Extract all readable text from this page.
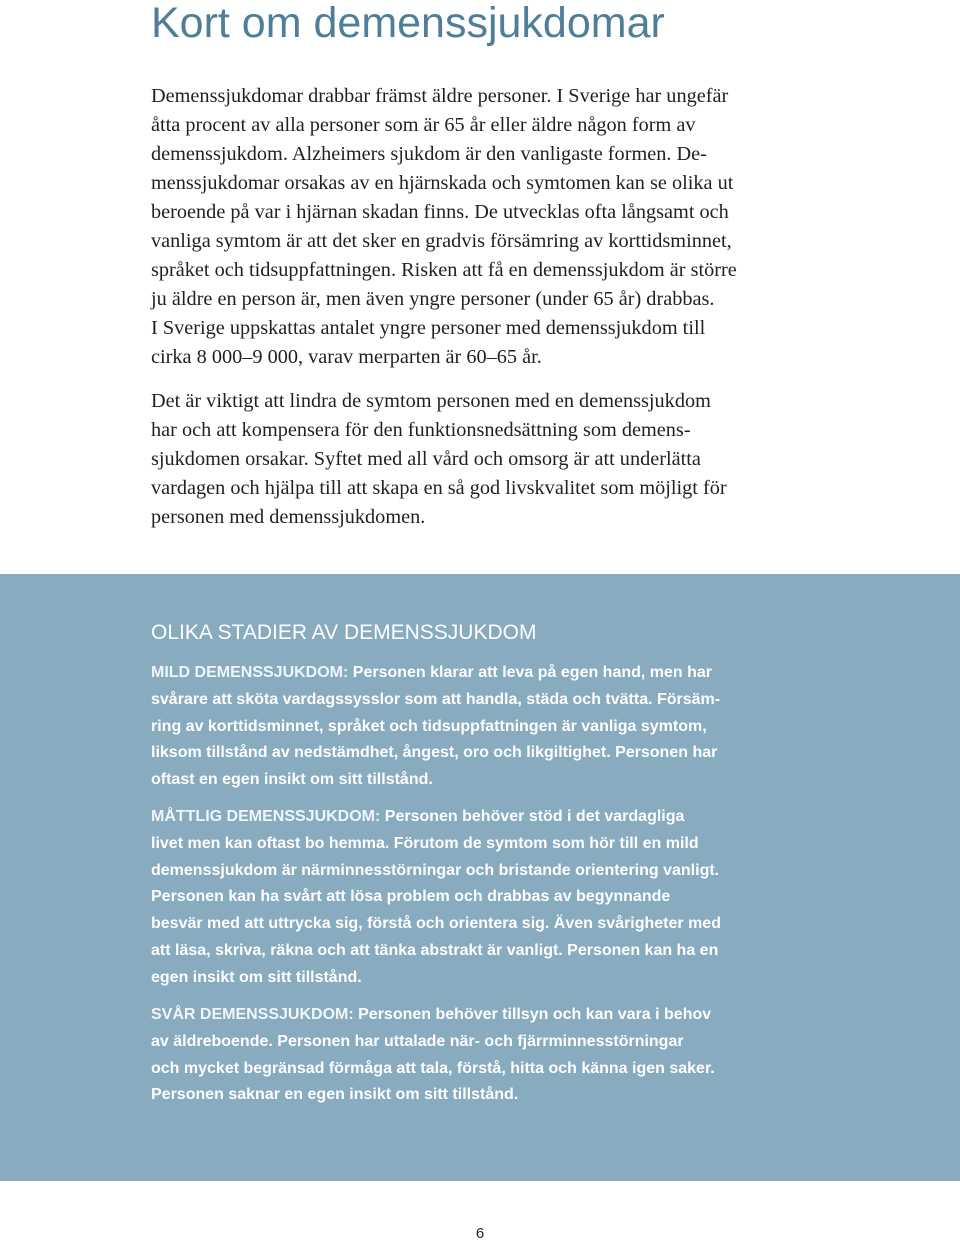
Kort om demenssjukdomar

Demenssjukdomar drabbar främst äldre personer. I Sverige har ungefär
åtta procent av alla personer som är 65 år eller äldre någon form av
demenssjukdom. Alzheimers sjukdom är den vanligaste formen. De-
menssjukdomar orsakas av en hjärnskada och symtomen kan se olika ut
beroende på var i hjärnan skadan finns. De utvecklas ofta långsamt och
vanliga symtom är att det sker en gradvis försämring av korttidsminnet,
språket och tidsuppfattningen. Risken att få en demenssjukdom är större
ju äldre en person är, men även yngre personer (under 65 år) drabbas.
I Sverige uppskattas antalet yngre personer med demenssjukdom till
cirka 8 000–9 000, varav merparten är 60–65 år.

Det är viktigt att lindra de symtom personen med en demenssjukdom
har och att kompensera för den funktionsnedsättning som demens-
sjukdomen orsakar. Syftet med all vård och omsorg är att underlätta
vardagen och hjälpa till att skapa en så god livskvalitet som möjligt för
personen med demenssjukdomen.

OLIKA STADIER AV DEMENSSJUKDOM

MILD DEMENSSJUKDOM: Personen klarar att leva på egen hand, men har
svårare att sköta vardagssysslor som att handla, städa och tvätta. Försäm-
ring av korttidsminnet, språket och tidsuppfattningen är vanliga symtom,
liksom tillstånd av nedstämdhet, ångest, oro och likgiltighet. Personen har
oftast en egen insikt om sitt tillstånd.

MÅTTLIG DEMENSSJUKDOM: Personen behöver stöd i det vardagliga
livet men kan oftast bo hemma. Förutom de symtom som hör till en mild
demenssjukdom är närminnesstörningar och bristande orientering vanligt.
Personen kan ha svårt att lösa problem och drabbas av begynnande
besvär med att uttrycka sig, förstå och orientera sig. Även svårigheter med
att läsa, skriva, räkna och att tänka abstrakt är vanligt. Personen kan ha en
egen insikt om sitt tillstånd.

SVÅR DEMENSSJUKDOM: Personen behöver tillsyn och kan vara i behov
av äldreboende. Personen har uttalade när- och fjärrminnesstörningar
och mycket begränsad förmåga att tala, förstå, hitta och känna igen saker.
Personen saknar en egen insikt om sitt tillstånd.

6
